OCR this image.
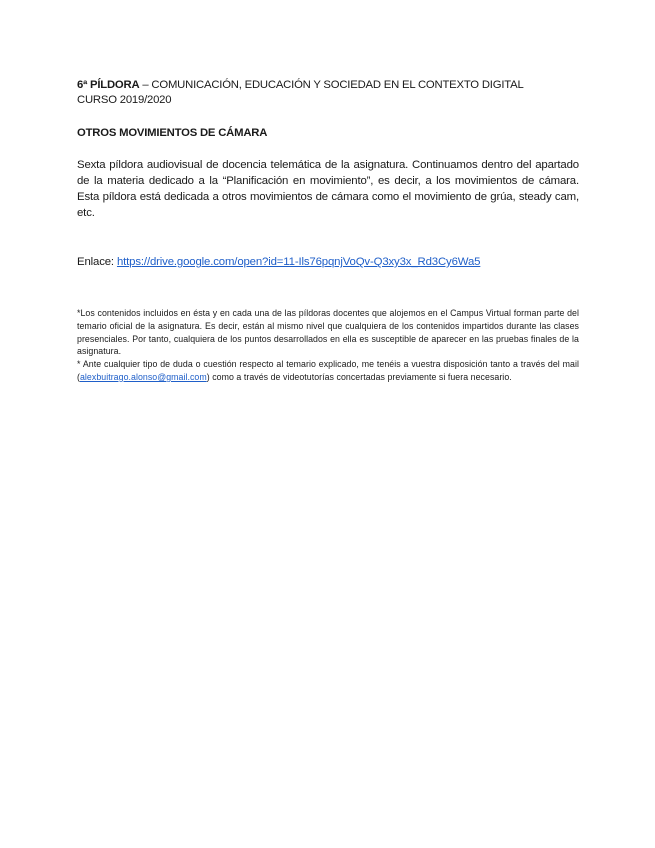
6ª PÍLDORA – COMUNICACIÓN, EDUCACIÓN Y SOCIEDAD EN EL CONTEXTO DIGITAL
CURSO 2019/2020
OTROS MOVIMIENTOS DE CÁMARA
Sexta píldora audiovisual de docencia telemática de la asignatura. Continuamos dentro del apartado de la materia dedicado a la “Planificación en movimiento”, es decir, a los movimientos de cámara. Esta píldora está dedicada a otros movimientos de cámara como el movimiento de grúa, steady cam, etc.
Enlace: https://drive.google.com/open?id=11-Ils76pqnjVoQv-Q3xy3x_Rd3Cy6Wa5

*Los contenidos incluidos en ésta y en cada una de las píldoras docentes que alojemos en el Campus Virtual forman parte del temario oficial de la asignatura. Es decir, están al mismo nivel que cualquiera de los contenidos impartidos durante las clases presenciales. Por tanto, cualquiera de los puntos desarrollados en ella es susceptible de aparecer en las pruebas finales de la asignatura.

* Ante cualquier tipo de duda o cuestión respecto al temario explicado, me tenéis a vuestra disposición tanto a través del mail (alexbuitrago.alonso@gmail.com) como a través de videotutorías concertadas previamente si fuera necesario.
